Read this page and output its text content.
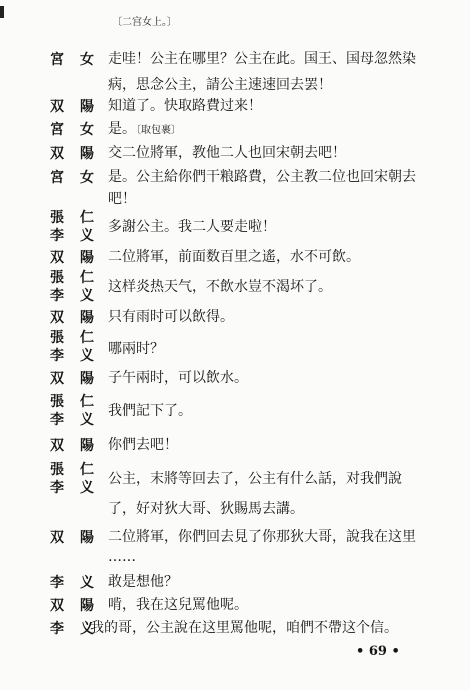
〔二宫女上。〕
宮 女 走哇！公主在哪里？公主在此。国王、国母忽然染
病，思念公主，請公主速速回去罢！
双 陽 知道了。快取路費过来！
宮 女 是。〔取包裹〕
双 陽 交二位將軍，教他二人也回宋朝去吧！
宮 女 是。公主給你們干粮路費，公主教二位也回宋朝去
吧！
張 仁
李 义
多謝公主。我二人要走啦！
双 陽 二位將軍，前面数百里之遙，水不可飲。
張 仁
李 义
这样炎热天气，不飲水豈不渴坏了。
双 陽 只有雨时可以飲得。
張 仁
李 义 哪兩时？
双 陽 子午兩时，可以飲水。
張 仁
李 义
我們記下了。
双 陽 你們去吧！
張 仁
李 义
公主，末將等回去了，公主有什么話，对我們說
了，好对狄大哥、狄賜馬去講。
双 陽 二位將軍，你們回去見了你那狄大哥，說我在这里
……
李 义 敢是想他？
双 陽 啃，我在这兒罵他呢。
李 义
我的哥，公主說在这里罵他呢，咱們不帶这个信。
• 69 •
